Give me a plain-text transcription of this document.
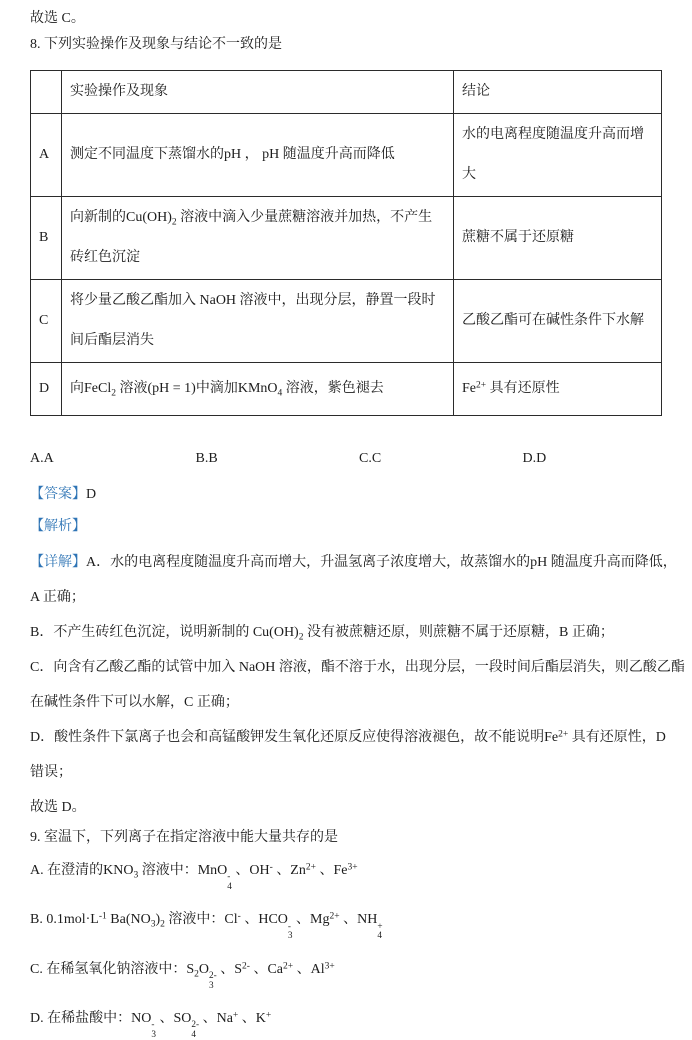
故选 C。

8. 下列实验操作及现象与结论不一致的是

	实验操作及现象	结论
A	测定不同温度下蒸馏水的pH ， pH 随温度升高而降低	水的电离程度随温度升高而增大
B	向新制的$Cu(OH)_2$ 溶液中滴入少量蔗糖溶液并加热，不产生砖红色沉淀	蔗糖不属于还原糖
C	将少量乙酸乙酯加入 NaOH 溶液中，出现分层，静置一段时间后酯层消失	乙酸乙酯可在碱性条件下水解
D	向FeCl$_2$ 溶液(pH = 1)中滴加KMnO$_4$ 溶液，紫色褪去	$Fe^{2+}$ 具有还原性
A.A	B.B	C.C	D.D

【答案】D

【解析】

【详解】A．水的电离程度随温度升高而增大，升温氢离子浓度增大，故蒸馏水的pH 随温度升高而降低，

A 正确；

B．不产生砖红色沉淀，说明新制的 $Cu(OH)_2$ 没有被蔗糖还原，则蔗糖不属于还原糖，B 正确；

C．向含有乙酸乙酯的试管中加入 NaOH 溶液，酯不溶于水，出现分层，一段时间后酯层消失，则乙酸乙酯

在碱性条件下可以水解，C 正确；

D．酸性条件下氯离子也会和高锰酸钾发生氧化还原反应使得溶液褪色，故不能说明$Fe^{2+}$ 具有还原性，D

错误；

故选 D。

9. 室温下，下列离子在指定溶液中能大量共存的是

A. 在澄清的$KNO_3$ 溶液中：MnO -
4
、OH- 、$Zn^{2+}$ 、$Fe^{3+}$

B. $0.1mol\cdot L^{-1}$ $Ba(NO_3)_2$ 溶液中：Cl- 、HCO -
3
、$Mg^{2+}$ 、NH +
4

C. 在稀氢氧化钠溶液中：$S_2O$ 2-
3
、$S^{2-}$ 、$Ca^{2+}$ 、$Al^{3+}$

D. 在稀盐酸中：NO -
3
、SO 2-
4
、Na+ 、K+
